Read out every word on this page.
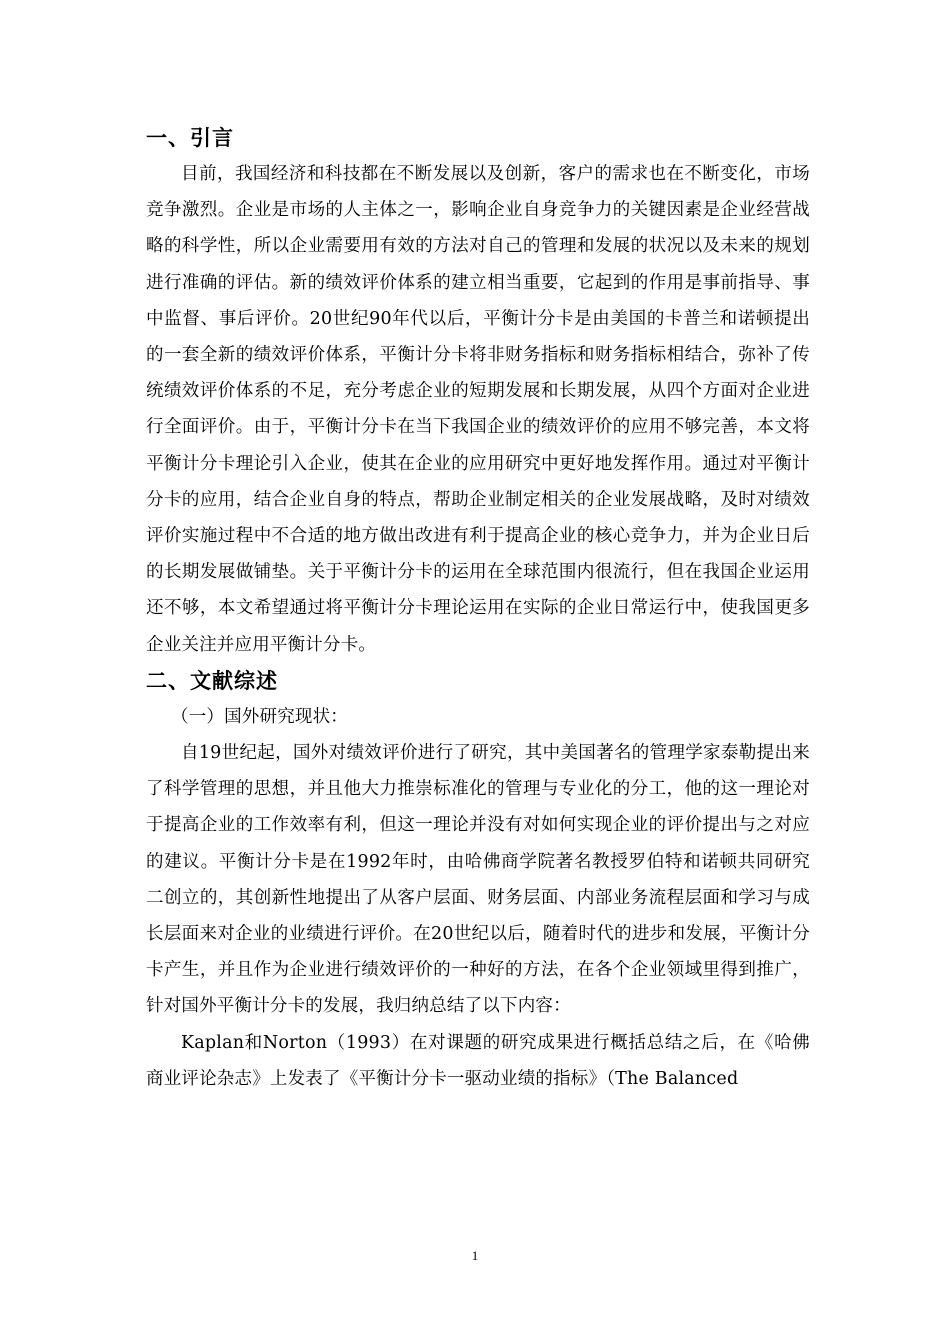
一、引言

目前，我国经济和科技都在不断发展以及创新，客户的需求也在不断变化，市场竞争激烈。企业是市场的人主体之一，影响企业自身竞争力的关键因素是企业经营战略的科学性，所以企业需要用有效的方法对自己的管理和发展的状况以及未来的规划进行准确的评估。新的绩效评价体系的建立相当重要，它起到的作用是事前指导、事中监督、事后评价。20世纪90年代以后，平衡计分卡是由美国的卡普兰和诺顿提出的一套全新的绩效评价体系，平衡计分卡将非财务指标和财务指标相结合，弥补了传统绩效评价体系的不足，充分考虑企业的短期发展和长期发展，从四个方面对企业进行全面评价。由于，平衡计分卡在当下我国企业的绩效评价的应用不够完善，本文将平衡计分卡理论引入企业，使其在企业的应用研究中更好地发挥作用。通过对平衡计分卡的应用，结合企业自身的特点，帮助企业制定相关的企业发展战略，及时对绩效评价实施过程中不合适的地方做出改进有利于提高企业的核心竞争力，并为企业日后的长期发展做铺垫。关于平衡计分卡的运用在全球范围内很流行，但在我国企业运用还不够，本文希望通过将平衡计分卡理论运用在实际的企业日常运行中，使我国更多企业关注并应用平衡计分卡。

二、文献综述

（一）国外研究现状：

自19世纪起，国外对绩效评价进行了研究，其中美国著名的管理学家泰勒提出来了科学管理的思想，并且他大力推崇标准化的管理与专业化的分工，他的这一理论对于提高企业的工作效率有利，但这一理论并没有对如何实现企业的评价提出与之对应的建议。平衡计分卡是在1992年时，由哈佛商学院著名教授罗伯特和诺顿共同研究二创立的，其创新性地提出了从客户层面、财务层面、内部业务流程层面和学习与成长层面来对企业的业绩进行评价。在20世纪以后，随着时代的进步和发展，平衡计分卡产生，并且作为企业进行绩效评价的一种好的方法，在各个企业领域里得到推广，针对国外平衡计分卡的发展，我归纳总结了以下内容：

Kaplan和Norton（1993）在对课题的研究成果进行概括总结之后，在《哈佛商业评论杂志》上发表了《平衡计分卡一驱动业绩的指标》（The Balanced

1
